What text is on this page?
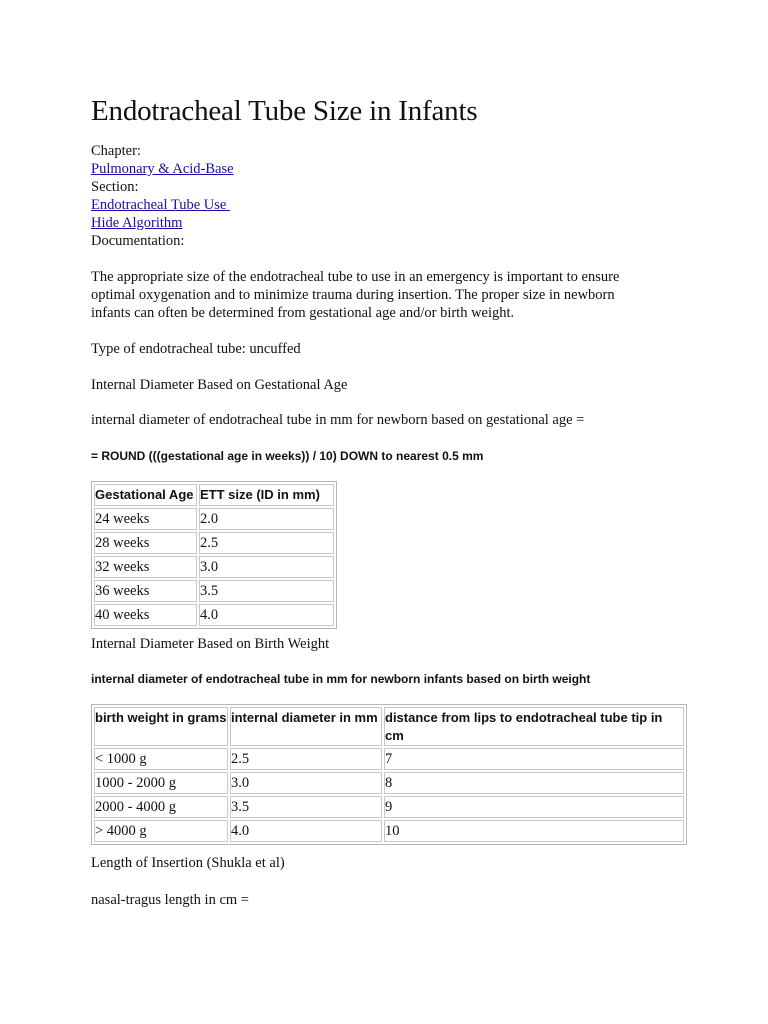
Endotracheal Tube Size in Infants
Chapter:
Pulmonary & Acid-Base
Section:
Endotracheal Tube Use
Hide Algorithm
Documentation:
The appropriate size of the endotracheal tube to use in an emergency is important to ensure optimal oxygenation and to minimize trauma during insertion. The proper size in newborn infants can often be determined from gestational age and/or birth weight.
Type of endotracheal tube: uncuffed
Internal Diameter Based on Gestational Age
internal diameter of endotracheal tube in mm for newborn based on gestational age =
= ROUND (((gestational age in weeks)) / 10) DOWN to nearest 0.5 mm
Gestational Age	ETT size (ID in mm)
24 weeks	2.0
28 weeks	2.5
32 weeks	3.0
36 weeks	3.5
40 weeks	4.0
Internal Diameter Based on Birth Weight
internal diameter of endotracheal tube in mm for newborn infants based on birth weight
birth weight in grams	internal diameter in mm	distance from lips to endotracheal tube tip in cm
< 1000 g	2.5	7
1000 - 2000 g	3.0	8
2000 - 4000 g	3.5	9
> 4000 g	4.0	10
Length of Insertion (Shukla et al)
nasal-tragus length in cm =
